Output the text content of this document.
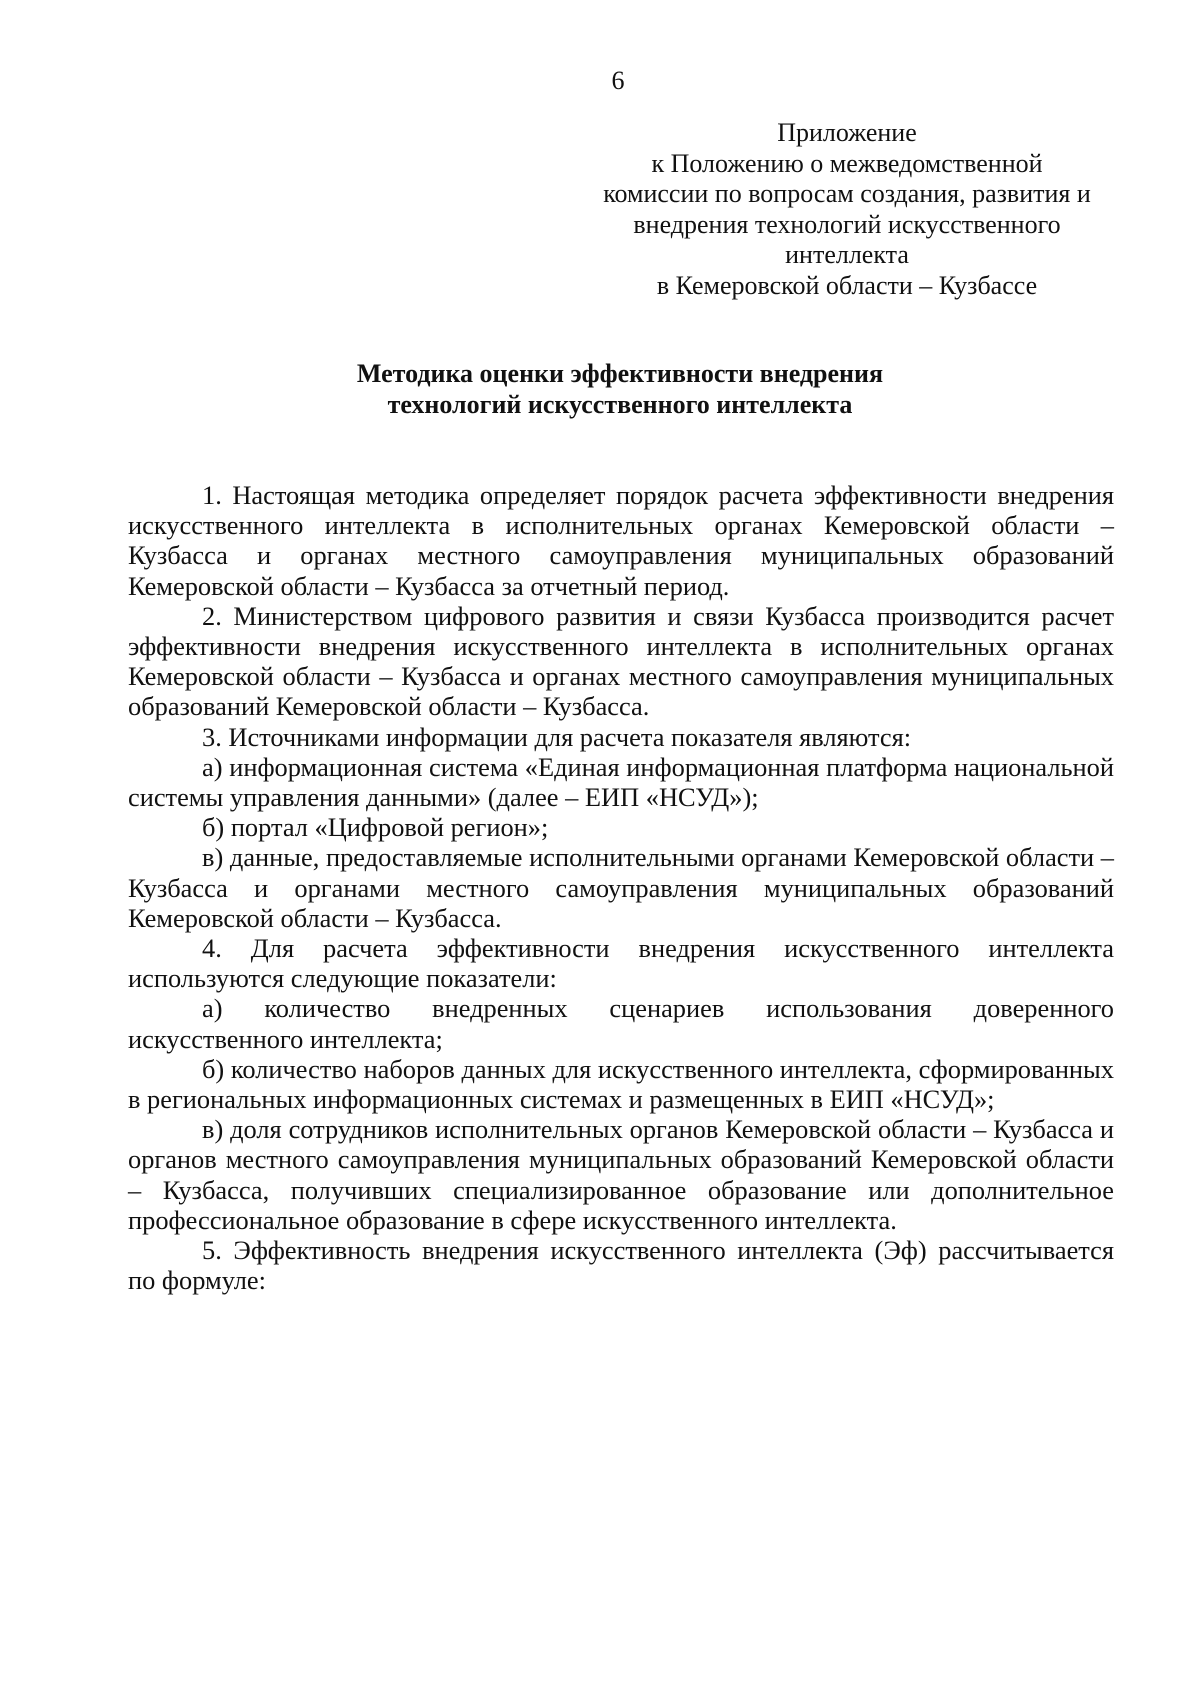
6
Приложение
к Положению о межведомственной
комиссии по вопросам создания, развития и
внедрения технологий искусственного
интеллекта
в Кемеровской области – Кузбассе
Методика оценки эффективности внедрения
технологий искусственного интеллекта

1. Настоящая методика определяет порядок расчета эффективности внедрения искусственного интеллекта в исполнительных органах Кемеровской области – Кузбасса и органах местного самоуправления муниципальных образований Кемеровской области – Кузбасса за отчетный период.

2. Министерством цифрового развития и связи Кузбасса производится расчет эффективности внедрения искусственного интеллекта в исполнительных органах Кемеровской области – Кузбасса и органах местного самоуправления муниципальных образований Кемеровской области – Кузбасса.

3. Источниками информации для расчета показателя являются:

а) информационная система «Единая информационная платформа национальной системы управления данными» (далее – ЕИП «НСУД»);

б) портал «Цифровой регион»;

в) данные, предоставляемые исполнительными органами Кемеровской области – Кузбасса и органами местного самоуправления муниципальных образований Кемеровской области – Кузбасса.

4. Для расчета эффективности внедрения искусственного интеллекта используются следующие показатели:

а) количество внедренных сценариев использования доверенного искусственного интеллекта;

б) количество наборов данных для искусственного интеллекта, сформированных в региональных информационных системах и размещенных в ЕИП «НСУД»;

в) доля сотрудников исполнительных органов Кемеровской области – Кузбасса и органов местного самоуправления муниципальных образований Кемеровской области – Кузбасса, получивших специализированное образование или дополнительное профессиональное образование в сфере искусственного интеллекта.

5. Эффективность внедрения искусственного интеллекта (Эф) рассчитывается по формуле:
